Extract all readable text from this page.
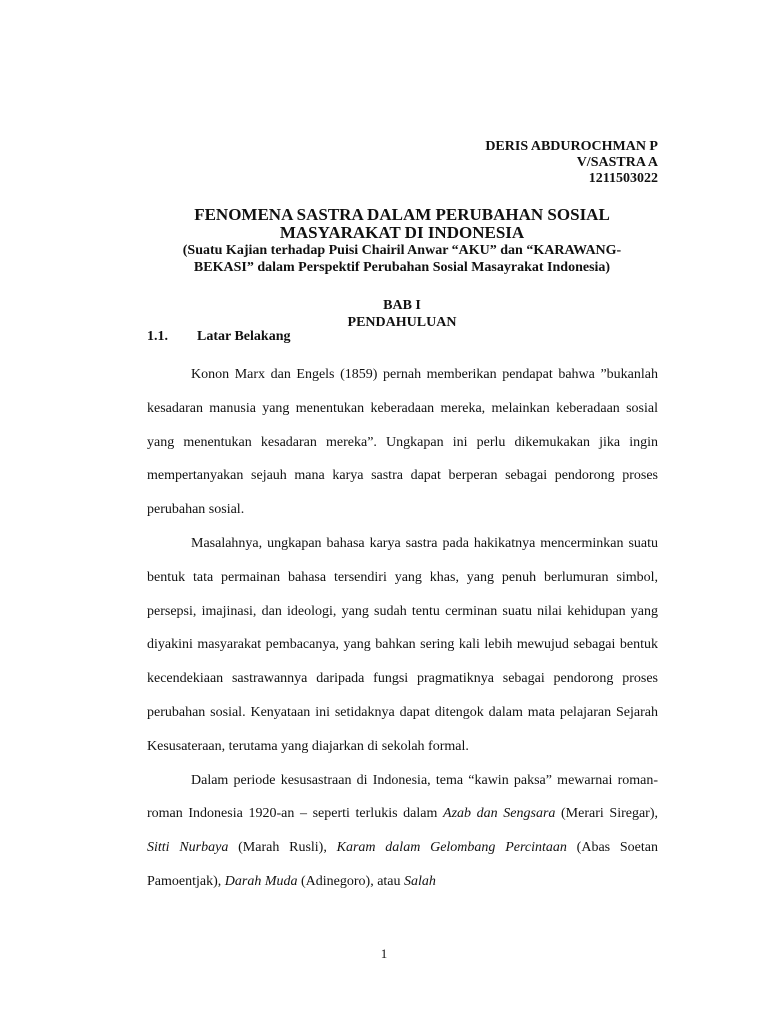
DERIS ABDUROCHMAN P
V/SASTRA A
1211503022
FENOMENA SASTRA DALAM PERUBAHAN SOSIAL
MASYARAKAT DI INDONESIA
(Suatu Kajian terhadap Puisi Chairil Anwar “AKU” dan “KARAWANG-
BEKASI” dalam Perspektif Perubahan Sosial Masayrakat Indonesia)
BAB I
PENDAHULUAN
1.1. Latar Belakang

Konon Marx dan Engels (1859) pernah memberikan pendapat bahwa ”bukanlah kesadaran manusia yang menentukan keberadaan mereka, melainkan keberadaan sosial yang menentukan kesadaran mereka”. Ungkapan ini perlu dikemukakan jika ingin mempertanyakan sejauh mana karya sastra dapat berperan sebagai pendorong proses perubahan sosial.

Masalahnya, ungkapan bahasa karya sastra pada hakikatnya mencerminkan suatu bentuk tata permainan bahasa tersendiri yang khas, yang penuh berlumuran simbol, persepsi, imajinasi, dan ideologi, yang sudah tentu cerminan suatu nilai kehidupan yang diyakini masyarakat pembacanya, yang bahkan sering kali lebih mewujud sebagai bentuk kecendekiaan sastrawannya daripada fungsi pragmatiknya sebagai pendorong proses perubahan sosial. Kenyataan ini setidaknya dapat ditengok dalam mata pelajaran Sejarah Kesusateraan, terutama yang diajarkan di sekolah formal.

Dalam periode kesusastraan di Indonesia, tema “kawin paksa” mewarnai roman-roman Indonesia 1920-an – seperti terlukis dalam Azab dan Sengsara (Merari Siregar), Sitti Nurbaya (Marah Rusli), Karam dalam Gelombang Percintaan (Abas Soetan Pamoentjak), Darah Muda (Adinegoro), atau Salah

1
